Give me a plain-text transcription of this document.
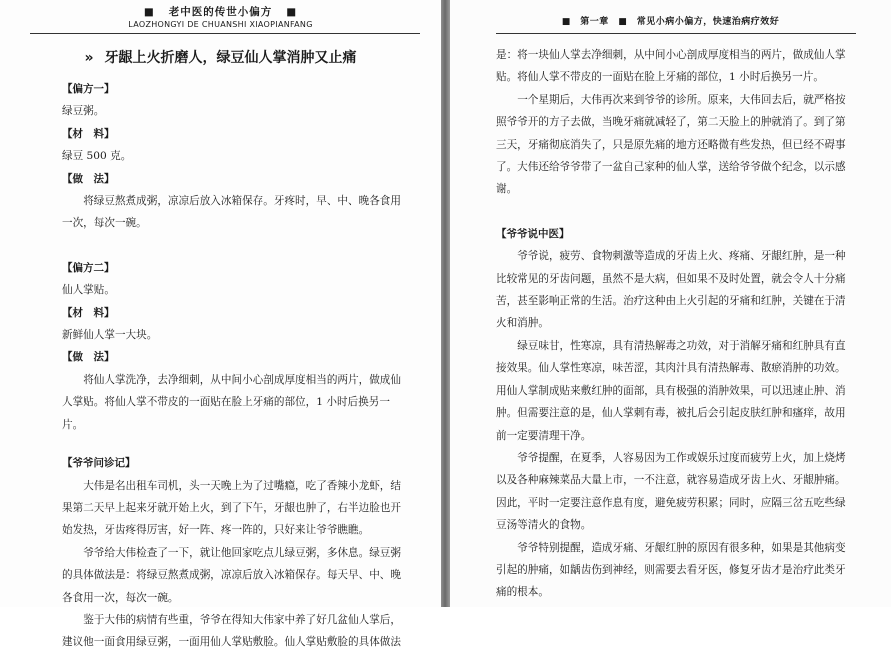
■ 老中医的传世小偏方 ■
LAOZHONGYI DE CHUANSHI XIAOPIANFANG
» 牙龈上火折磨人，绿豆仙人掌消肿又止痛

【偏方一】

绿豆粥。

【材　料】

绿豆 500 克。

【做　法】

将绿豆熬煮成粥，凉凉后放入冰箱保存。牙疼时，早、中、晚各食用一次，每次一碗。

【偏方二】

仙人掌贴。

【材　料】

新鲜仙人掌一大块。

【做　法】

将仙人掌洗净，去净细刺，从中间小心剖成厚度相当的两片，做成仙人掌贴。将仙人掌不带皮的一面贴在脸上牙痛的部位，1 小时后换另一片。

【爷爷问诊记】

大伟是名出租车司机，头一天晚上为了过嘴瘾，吃了香辣小龙虾，结果第二天早上起来牙就开始上火，到了下午，牙龈也肿了，右半边脸也开始发热，牙齿疼得厉害，好一阵、疼一阵的，只好来让爷爷瞧瞧。

爷爷给大伟检查了一下，就让他回家吃点儿绿豆粥，多休息。绿豆粥的具体做法是：将绿豆熬煮成粥，凉凉后放入冰箱保存。每天早、中、晚各食用一次，每次一碗。

鉴于大伟的病情有些重，爷爷在得知大伟家中养了好几盆仙人掌后，建议他一面食用绿豆粥，一面用仙人掌贴敷脸。仙人掌贴敷脸的具体做法

■　第一章　■　常见小病小偏方，快速治病疗效好

是：将一块仙人掌去净细刺，从中间小心剖成厚度相当的两片，做成仙人掌贴。将仙人掌不带皮的一面贴在脸上牙痛的部位，1 小时后换另一片。

一个星期后，大伟再次来到爷爷的诊所。原来，大伟回去后，就严格按照爷爷开的方子去做，当晚牙痛就减轻了，第二天脸上的肿就消了。到了第三天，牙痛彻底消失了，只是原先痛的地方还略微有些发热，但已经不碍事了。大伟还给爷爷带了一盆自己家种的仙人掌，送给爷爷做个纪念，以示感谢。

【爷爷说中医】

爷爷说，疲劳、食物刺激等造成的牙齿上火、疼痛、牙龈红肿，是一种比较常见的牙齿问题，虽然不是大病，但如果不及时处置，就会令人十分痛苦，甚至影响正常的生活。治疗这种由上火引起的牙痛和红肿，关键在于清火和消肿。

绿豆味甘，性寒凉，具有清热解毒之功效，对于消解牙痛和红肿具有直接效果。仙人掌性寒凉，味苦涩，其肉汁具有清热解毒、散瘀消肿的功效。用仙人掌制成贴来敷红肿的面部，具有极强的消肿效果，可以迅速止肿、消肿。但需要注意的是，仙人掌刺有毒，被扎后会引起皮肤红肿和瘙痒，故用前一定要清理干净。

爷爷提醒，在夏季，人容易因为工作或娱乐过度而疲劳上火，加上烧烤以及各种麻辣菜品大量上市，一不注意，就容易造成牙齿上火、牙龈肿痛。因此，平时一定要注意作息有度，避免疲劳积累；同时，应隔三岔五吃些绿豆汤等清火的食物。

爷爷特别提醒，造成牙痛、牙龈红肿的原因有很多种，如果是其他病变引起的肿痛，如龋齿伤到神经，则需要去看牙医，修复牙齿才是治疗此类牙痛的根本。
